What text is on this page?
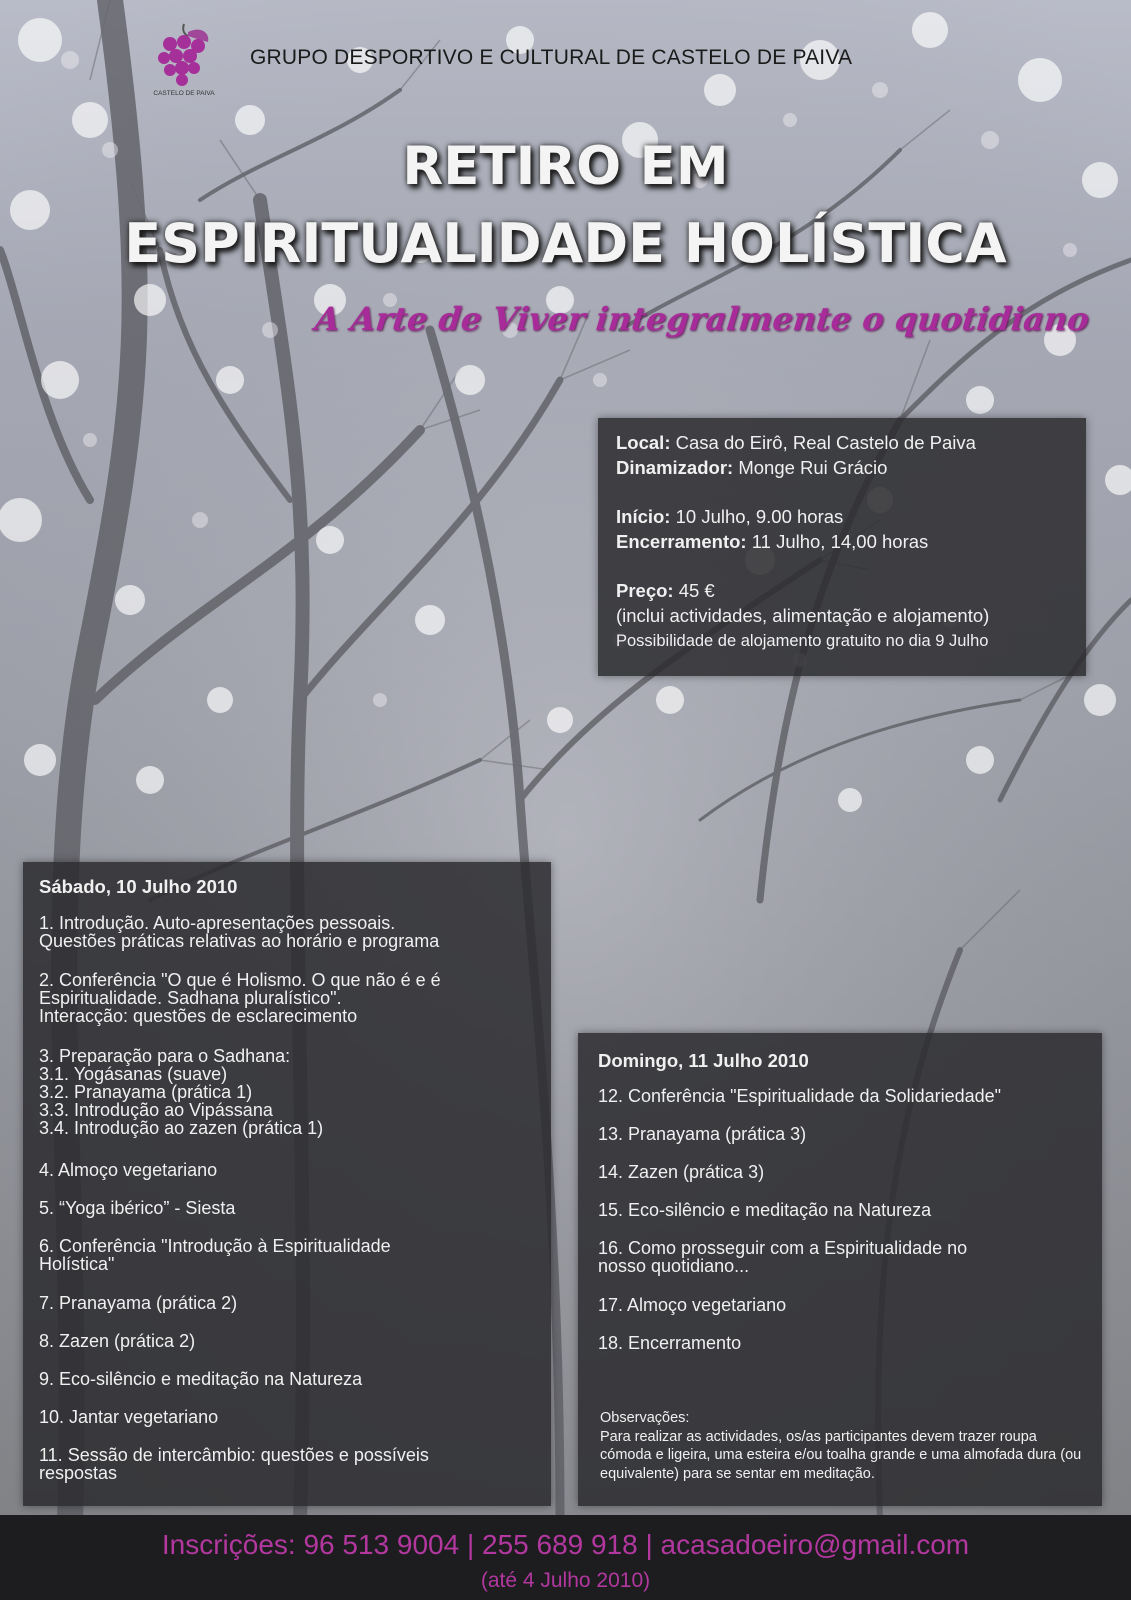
CASTELO DE PAIVA
GRUPO DESPORTIVO E CULTURAL DE CASTELO DE PAIVA
RETIRO EM
ESPIRITUALIDADE HOLÍSTICA
A Arte de Viver integralmente o quotidiano
Local: Casa do Eirô, Real Castelo de Paiva
Dinamizador: Monge Rui Grácio
Início: 10 Julho, 9.00 horas
Encerramento: 11 Julho, 14,00 horas
Preço: 45 €
(inclui actividades, alimentação e alojamento)
Possibilidade de alojamento gratuito no dia 9 Julho
Sábado, 10 Julho 2010
1. Introdução. Auto-apresentações pessoais.
Questões práticas relativas ao horário e programa
2. Conferência "O que é Holismo. O que não é e é
Espiritualidade. Sadhana pluralístico".
Interacção: questões de esclarecimento
3. Preparação para o Sadhana:
3.1. Yogásanas (suave)
3.2. Pranayama (prática 1)
3.3. Introdução ao Vipássana
3.4. Introdução ao zazen (prática 1)
4. Almoço vegetariano
5. “Yoga ibérico” - Siesta
6. Conferência "Introdução à Espiritualidade
Holística"
7. Pranayama (prática 2)
8. Zazen (prática 2)
9. Eco-silêncio e meditação na Natureza
10. Jantar vegetariano
11. Sessão de intercâmbio: questões e possíveis
respostas
Domingo, 11 Julho 2010
12. Conferência "Espiritualidade da Solidariedade"
13. Pranayama (prática 3)
14. Zazen (prática 3)
15. Eco-silêncio e meditação na Natureza
16. Como prosseguir com a Espiritualidade no
nosso quotidiano...
17. Almoço vegetariano
18. Encerramento
Observações:
Para realizar as actividades, os/as participantes devem trazer roupa cómoda e ligeira, uma esteira e/ou toalha grande e uma almofada dura (ou equivalente) para se sentar em meditação.
Inscrições: 96 513 9004 | 255 689 918 | acasadoeiro@gmail.com
(até 4 Julho 2010)
